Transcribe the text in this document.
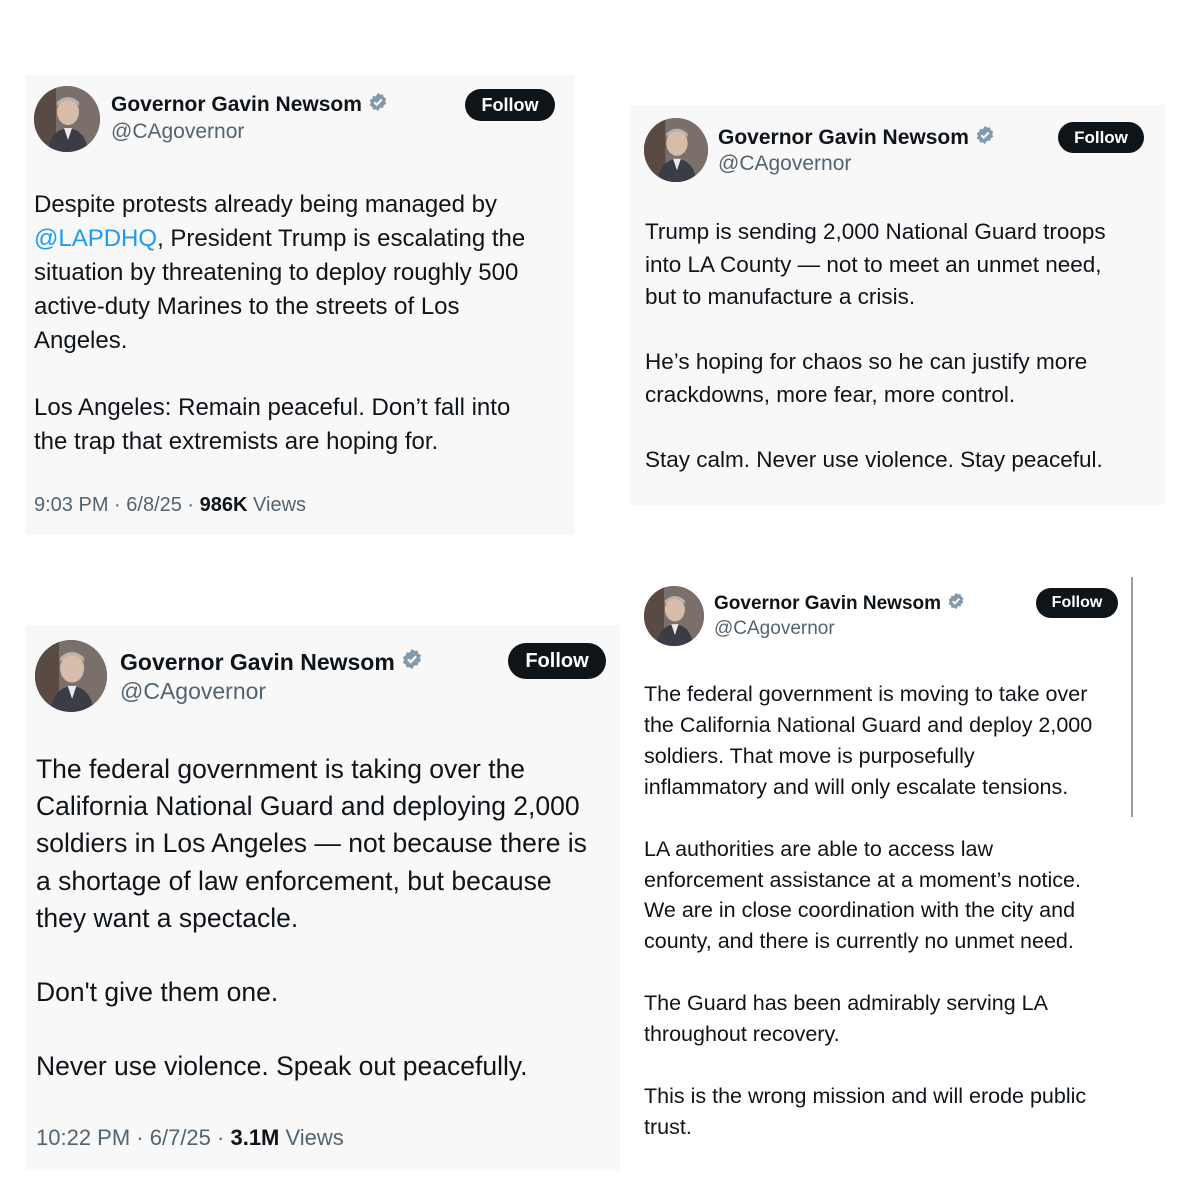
Governor Gavin Newsom
@CAgovernor
Follow

Despite protests already being managed by

@LAPDHQ, President Trump is escalating the

situation by threatening to deploy roughly 500

active-duty Marines to the streets of Los

Angeles.

Los Angeles: Remain peaceful. Don’t fall into

the trap that extremists are hoping for.

9:03 PM · 6/8/25 · 986K Views
Governor Gavin Newsom
@CAgovernor
Follow

Trump is sending 2,000 National Guard troops

into LA County — not to meet an unmet need,

but to manufacture a crisis.

He’s hoping for chaos so he can justify more

crackdowns, more fear, more control.

Stay calm. Never use violence. Stay peaceful.

Governor Gavin Newsom
@CAgovernor
Follow

The federal government is taking over the

California National Guard and deploying 2,000

soldiers in Los Angeles — not because there is

a shortage of law enforcement, but because

they want a spectacle.

Don't give them one.

Never use violence. Speak out peacefully.

10:22 PM · 6/7/25 · 3.1M Views
Governor Gavin Newsom
@CAgovernor
Follow

The federal government is moving to take over

the California National Guard and deploy 2,000

soldiers. That move is purposefully

inflammatory and will only escalate tensions.

LA authorities are able to access law

enforcement assistance at a moment’s notice.

We are in close coordination with the city and

county, and there is currently no unmet need.

The Guard has been admirably serving LA

throughout recovery.

This is the wrong mission and will erode public

trust.
